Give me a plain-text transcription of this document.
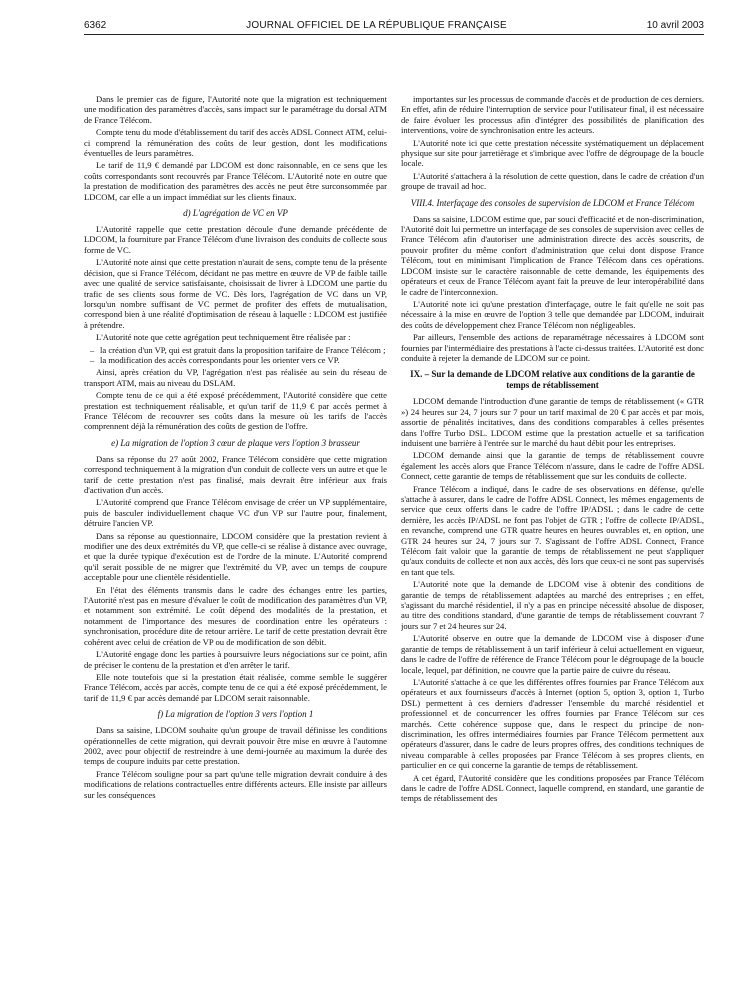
6362	JOURNAL OFFICIEL DE LA RÉPUBLIQUE FRANÇAISE	10 avril 2003

Dans le premier cas de figure, l'Autorité note que la migration est techniquement une modification des paramètres d'accès, sans impact sur le paramétrage du dorsal ATM de France Télécom.

Compte tenu du mode d'établissement du tarif des accès ADSL Connect ATM, celui-ci comprend la rémunération des coûts de leur gestion, dont les modifications éventuelles de leurs paramètres.

Le tarif de 11,9 € demandé par LDCOM est donc raisonnable, en ce sens que les coûts correspondants sont recouvrés par France Télécom. L'Autorité note en outre que la prestation de modification des paramètres des accès ne peut être surconsommée par LDCOM, car elle a un impact immédiat sur les clients finaux.

d) L'agrégation de VC en VP

L'Autorité rappelle que cette prestation découle d'une demande précédente de LDCOM, la fourniture par France Télécom d'une livraison des conduits de collecte sous forme de VC.

L'Autorité note ainsi que cette prestation n'aurait de sens, compte tenu de la présente décision, que si France Télécom, décidant ne pas mettre en œuvre de VP de faible taille avec une qualité de service satisfaisante, choisissait de livrer à LDCOM une partie du trafic de ses clients sous forme de VC. Dès lors, l'agrégation de VC dans un VP, lorsqu'un nombre suffisant de VC permet de profiter des effets de mutualisation, correspond bien à une réalité d'optimisation de réseau à laquelle : LDCOM est justifiée à prétendre.

L'Autorité note que cette agrégation peut techniquement être réalisée par :

– la création d'un VP, qui est gratuit dans la proposition tarifaire de France Télécom ;
– la modification des accès correspondants pour les orienter vers ce VP.

Ainsi, après création du VP, l'agrégation n'est pas réalisée au sein du réseau de transport ATM, mais au niveau du DSLAM.

Compte tenu de ce qui a été exposé précédemment, l'Autorité considère que cette prestation est techniquement réalisable, et qu'un tarif de 11,9 € par accès permet à France Télécom de recouvrer ses coûts dans la mesure où les tarifs de l'accès comprennent déjà la rémunération des coûts de gestion de l'offre.

e) La migration de l'option 3 cœur de plaque vers l'option 3 brasseur

Dans sa réponse du 27 août 2002, France Télécom considère que cette migration correspond techniquement à la migration d'un conduit de collecte vers un autre et que le tarif de cette prestation n'est pas finalisé, mais devrait être inférieur aux frais d'activation d'un accès.

L'Autorité comprend que France Télécom envisage de créer un VP supplémentaire, puis de basculer individuellement chaque VC d'un VP sur l'autre pour, finalement, détruire l'ancien VP.

Dans sa réponse au questionnaire, LDCOM considère que la prestation revient à modifier une des deux extrémités du VP, que celle-ci se réalise à distance avec ouvrage, et que la durée typique d'exécution est de l'ordre de la minute. L'Autorité comprend qu'il serait possible de ne migrer que l'extrémité du VP, avec un temps de coupure acceptable pour une clientèle résidentielle.

En l'état des éléments transmis dans le cadre des échanges entre les parties, l'Autorité n'est pas en mesure d'évaluer le coût de modification des paramètres d'un VP, et notamment son extrémité. Le coût dépend des modalités de la prestation, et notamment de l'importance des mesures de coordination entre les opérateurs : synchronisation, procédure dite de retour arrière. Le tarif de cette prestation devrait être cohérent avec celui de création de VP ou de modification de son débit.

L'Autorité engage donc les parties à poursuivre leurs négociations sur ce point, afin de préciser le contenu de la prestation et d'en arrêter le tarif.

Elle note toutefois que si la prestation était réalisée, comme semble le suggérer France Télécom, accès par accès, compte tenu de ce qui a été exposé précédemment, le tarif de 11,9 € par accès demandé par LDCOM serait raisonnable.

f) La migration de l'option 3 vers l'option 1

Dans sa saisine, LDCOM souhaite qu'un groupe de travail définisse les conditions opérationnelles de cette migration, qui devrait pouvoir être mise en œuvre à l'automne 2002, avec pour objectif de restreindre à une demi-journée au maximum la durée des temps de coupure induits par cette prestation.

France Télécom souligne pour sa part qu'une telle migration devrait conduire à des modifications de relations contractuelles entre différents acteurs. Elle insiste par ailleurs sur les conséquences

importantes sur les processus de commande d'accès et de production de ces derniers. En effet, afin de réduire l'interruption de service pour l'utilisateur final, il est nécessaire de faire évoluer les processus afin d'intégrer des possibilités de planification des interventions, voire de synchronisation entre les acteurs.

L'Autorité note ici que cette prestation nécessite systématiquement un déplacement physique sur site pour jarretièrage et s'imbrique avec l'offre de dégroupage de la boucle locale.

L'Autorité s'attachera à la résolution de cette question, dans le cadre de création d'un groupe de travail ad hoc.

VIII.4. Interfaçage des consoles de supervision de LDCOM et France Télécom

Dans sa saisine, LDCOM estime que, par souci d'efficacité et de non-discrimination, l'Autorité doit lui permettre un interfaçage de ses consoles de supervision avec celles de France Télécom afin d'autoriser une administration directe des accès souscrits, de pouvoir profiter du même confort d'administration que celui dont dispose France Télécom, tout en minimisant l'implication de France Télécom dans ces opérations. LDCOM insiste sur le caractère raisonnable de cette demande, les équipements des opérateurs et ceux de France Télécom ayant fait la preuve de leur interopérabilité dans le cadre de l'interconnexion.

L'Autorité note ici qu'une prestation d'interfaçage, outre le fait qu'elle ne soit pas nécessaire à la mise en œuvre de l'option 3 telle que demandée par LDCOM, induirait des coûts de développement chez France Télécom non négligeables.

Par ailleurs, l'ensemble des actions de reparamétrage nécessaires à LDCOM sont fournies par l'intermédiaire des prestations à l'acte ci-dessus traitées. L'Autorité est donc conduite à rejeter la demande de LDCOM sur ce point.

IX. – Sur la demande de LDCOM relative aux conditions de la garantie de temps de rétablissement

LDCOM demande l'introduction d'une garantie de temps de rétablissement (« GTR ») 24 heures sur 24, 7 jours sur 7 pour un tarif maximal de 20 € par accès et par mois, assortie de pénalités incitatives, dans des conditions comparables à celles présentes dans l'offre Turbo DSL. LDCOM estime que la prestation actuelle et sa tarification induisent une barrière à l'entrée sur le marché du haut débit pour les entreprises.

LDCOM demande ainsi que la garantie de temps de rétablissement couvre également les accès alors que France Télécom n'assure, dans le cadre de l'offre ADSL Connect, cette garantie de temps de rétablissement que sur les conduits de collecte.

France Télécom a indiqué, dans le cadre de ses observations en défense, qu'elle s'attache à assurer, dans le cadre de l'offre ADSL Connect, les mêmes engagements de service que ceux offerts dans le cadre de l'offre IP/ADSL ; dans le cadre de cette dernière, les accès IP/ADSL ne font pas l'objet de GTR ; l'offre de collecte IP/ADSL, en revanche, comprend une GTR quatre heures en heures ouvrables et, en option, une GTR 24 heures sur 24, 7 jours sur 7. S'agissant de l'offre ADSL Connect, France Télécom fait valoir que la garantie de temps de rétablissement ne peut s'appliquer qu'aux conduits de collecte et non aux accès, dès lors que ceux-ci ne sont pas supervisés en tant que tels.

L'Autorité note que la demande de LDCOM vise à obtenir des conditions de garantie de temps de rétablissement adaptées au marché des entreprises ; en effet, s'agissant du marché résidentiel, il n'y a pas en principe nécessité absolue de disposer, au titre des conditions standard, d'une garantie de temps de rétablissement couvrant 7 jours sur 7 et 24 heures sur 24.

L'Autorité observe en outre que la demande de LDCOM vise à disposer d'une garantie de temps de rétablissement à un tarif inférieur à celui actuellement en vigueur, dans le cadre de l'offre de référence de France Télécom pour le dégroupage de la boucle locale, lequel, par définition, ne couvre que la partie paire de cuivre du réseau.

L'Autorité s'attache à ce que les différentes offres fournies par France Télécom aux opérateurs et aux fournisseurs d'accès à Internet (option 5, option 3, option 1, Turbo DSL) permettent à ces derniers d'adresser l'ensemble du marché résidentiel et professionnel et de concurrencer les offres fournies par France Télécom sur ces marchés. Cette cohérence suppose que, dans le respect du principe de non-discrimination, les offres intermédiaires fournies par France Télécom permettent aux opérateurs d'assurer, dans le cadre de leurs propres offres, des conditions techniques de niveau comparable à celles proposées par France Télécom à ses propres clients, en particulier en ce qui concerne la garantie de temps de rétablissement.

A cet égard, l'Autorité considère que les conditions proposées par France Télécom dans le cadre de l'offre ADSL Connect, laquelle comprend, en standard, une garantie de temps de rétablissement des
